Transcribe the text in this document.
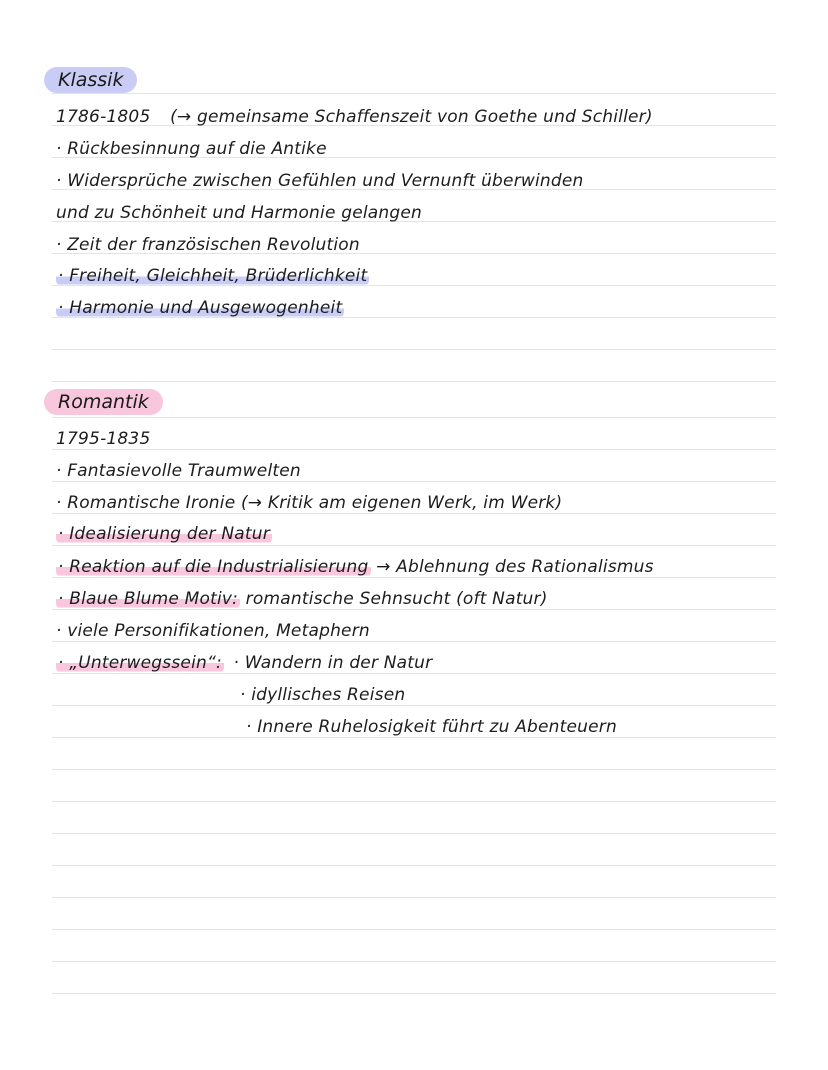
Klassik
1786-1805 (→ gemeinsame Schaffenszeit von Goethe und Schiller)
· Rückbesinnung auf die Antike
· Widersprüche zwischen Gefühlen und Vernunft überwinden
und zu Schönheit und Harmonie gelangen
· Zeit der französischen Revolution
· Freiheit, Gleichheit, Brüderlichkeit
· Harmonie und Ausgewogenheit
Romantik
1795-1835
· Fantasievolle Traumwelten
· Romantische Ironie (→ Kritik am eigenen Werk, im Werk)
· Idealisierung der Natur
· Reaktion auf die Industrialisierung → Ablehnung des Rationalismus
· Blaue Blume Motiv: romantische Sehnsucht (oft Natur)
· viele Personifikationen, Metaphern
· „Unterwegssein“: · Wandern in der Natur
· idyllisches Reisen
· Innere Ruhelosigkeit führt zu Abenteuern
